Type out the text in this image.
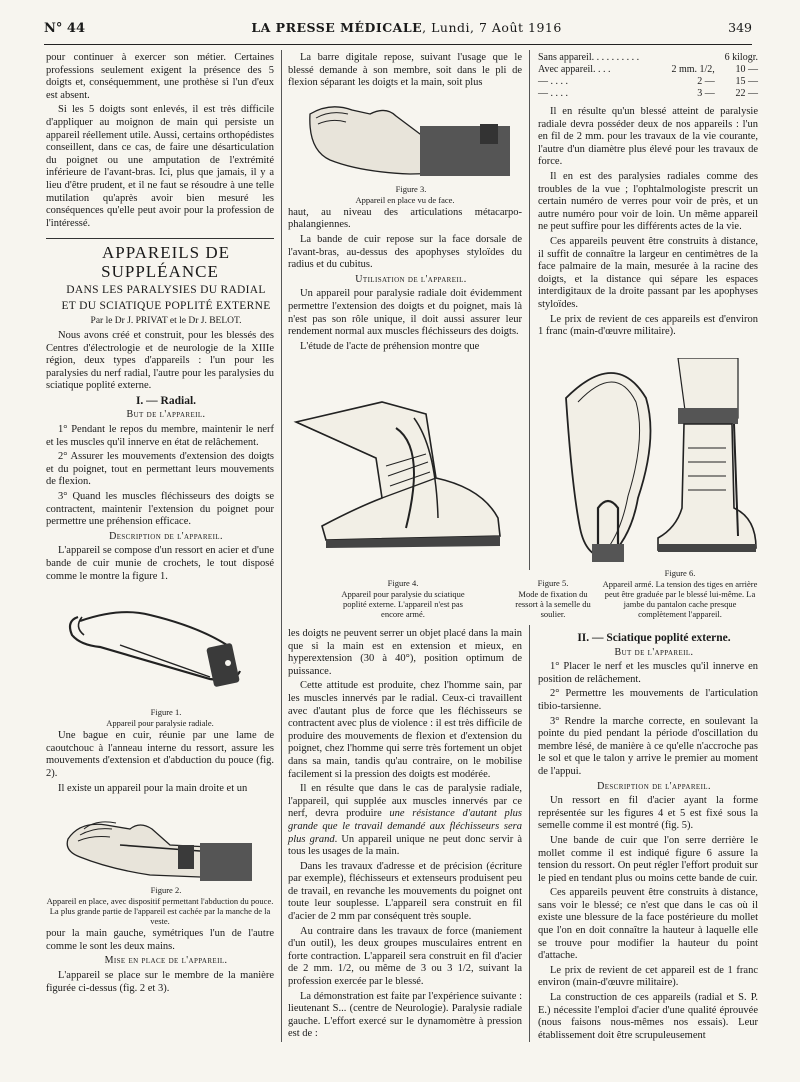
N° 44	LA PRESSE MÉDICALE, Lundi, 7 Août 1916	349

pour continuer à exercer son métier. Certaines professions seulement exigent la présence des 5 doigts et, conséquemment, une prothèse si l'un d'eux est absent.

Si les 5 doigts sont enlevés, il est très difficile d'appliquer au moignon de main qui persiste un appareil réellement utile. Aussi, certains orthopédistes conseillent, dans ce cas, de faire une désarticulation du poignet ou une amputation de l'extrémité inférieure de l'avant-bras. Ici, plus que jamais, il y a lieu d'être prudent, et il ne faut se résoudre à une telle mutilation qu'après avoir bien mesuré les conséquences qu'elle peut avoir pour la profession de l'intéressé.

APPAREILS DE SUPPLÉANCE

DANS LES PARALYSIES DU RADIAL

ET DU SCIATIQUE POPLITÉ EXTERNE

Par le Dr J. PRIVAT et le Dr J. BELOT.

Nous avons créé et construit, pour les blessés des Centres d'électrologie et de neurologie de la XIIIe région, deux types d'appareils : l'un pour les paralysies du nerf radial, l'autre pour les paralysies du sciatique poplité externe.

I. — Radial.

But de l'appareil.

1° Pendant le repos du membre, maintenir le nerf et les muscles qu'il innerve en état de relâchement.

2° Assurer les mouvements d'extension des doigts et du poignet, tout en permettant leurs mouvements de flexion.

3° Quand les muscles fléchisseurs des doigts se contractent, maintenir l'extension du poignet pour permettre une préhension efficace.

Description de l'appareil.

L'appareil se compose d'un ressort en acier et d'une bande de cuir munie de crochets, le tout disposé comme le montre la figure 1.

Figure 1.
Appareil pour paralysie radiale.

Une bague en cuir, réunie par une lame de caoutchouc à l'anneau interne du ressort, assure les mouvements d'extension et d'abduction du pouce (fig. 2).

Il existe un appareil pour la main droite et un

Figure 2.
Appareil en place, avec dispositif permettant l'abduction du pouce. La plus grande partie de l'appareil est cachée par la manche de la veste.

pour la main gauche, symétriques l'un de l'autre comme le sont les deux mains.

Mise en place de l'appareil.

L'appareil se place sur le membre de la manière figurée ci-dessus (fig. 2 et 3).

La barre digitale repose, suivant l'usage que le blessé demande à son membre, soit dans le pli de flexion séparant les doigts et la main, soit plus

Figure 3.
Appareil en place vu de face.

haut, au niveau des articulations métacarpo-phalangiennes.

La bande de cuir repose sur la face dorsale de l'avant-bras, au-dessus des apophyses styloïdes du radius et du cubitus.

Utilisation de l'appareil.

Un appareil pour paralysie radiale doit évidemment permettre l'extension des doigts et du poignet, mais là n'est pas son rôle unique, il doit aussi assurer leur rendement normal aux muscles fléchisseurs des doigts.

L'étude de l'acte de préhension montre que

Sans appareil. . . . . . . . . .	6 kilogr.
Avec appareil. . . .	2 mm. 1/2,	10 —
— . . . .	2 —	15 —
— . . . .	3 —	22 —

Il en résulte qu'un blessé atteint de paralysie radiale devra posséder deux de nos appareils : l'un en fil de 2 mm. pour les travaux de la vie courante, l'autre d'un diamètre plus élevé pour les travaux de force.

Il en est des paralysies radiales comme des troubles de la vue ; l'ophtalmologiste prescrit un certain numéro de verres pour voir de près, et un autre numéro pour voir de loin. Un même appareil ne peut suffire pour les différents actes de la vie.

Ces appareils peuvent être construits à distance, il suffit de connaître la largeur en centimètres de la face palmaire de la main, mesurée à la racine des doigts, et la distance qui sépare les espaces interdigitaux de la droite passant par les apophyses styloïdes.

Le prix de revient de ces appareils est d'environ 1 franc (main-d'œuvre militaire).

Figure 4.
Appareil pour paralysie du sciatique poplité externe. L'appareil n'est pas encore armé.

Figure 5.
Mode de fixation du ressort à la semelle du soulier.

Figure 6.
Appareil armé. La tension des tiges en arrière peut être graduée par le blessé lui-même. La jambe du pantalon cache presque complètement l'appareil.

les doigts ne peuvent serrer un objet placé dans la main que si la main est en extension et mieux, en hyperextension (30 à 40°), position optimum de puissance.

Cette attitude est produite, chez l'homme sain, par les muscles innervés par le radial. Ceux-ci travaillent avec d'autant plus de force que les fléchisseurs se contractent avec plus de violence : il est très difficile de produire des mouvements de flexion et d'extension du poignet, chez l'homme qui serre très fortement un objet dans sa main, tandis qu'au contraire, on le mobilise facilement si la pression des doigts est modérée.

Il en résulte que dans le cas de paralysie radiale, l'appareil, qui supplée aux muscles innervés par ce nerf, devra produire une résistance d'autant plus grande que le travail demandé aux fléchisseurs sera plus grand. Un appareil unique ne peut donc servir à tous les usages de la main.

Dans les travaux d'adresse et de précision (écriture par exemple), fléchisseurs et extenseurs produisent peu de travail, en revanche les mouvements du poignet ont toute leur souplesse. L'appareil sera construit en fil d'acier de 2 mm par conséquent très souple.

Au contraire dans les travaux de force (maniement d'un outil), les deux groupes musculaires entrent en forte contraction. L'appareil sera construit en fil d'acier de 2 mm. 1/2, ou même de 3 ou 3 1/2, suivant la profession exercée par le blessé.

La démonstration est faite par l'expérience suivante : lieutenant S... (centre de Neurologie). Paralysie radiale gauche. L'effort exercé sur le dynamomètre à pression est de :

II. — Sciatique poplité externe.

But de l'appareil.

1° Placer le nerf et les muscles qu'il innerve en position de relâchement.

2° Permettre les mouvements de l'articulation tibio-tarsienne.

3° Rendre la marche correcte, en soulevant la pointe du pied pendant la période d'oscillation du membre lésé, de manière à ce qu'elle n'accroche pas le sol et que le talon y arrive le premier au moment de l'appui.

Description de l'appareil.

Un ressort en fil d'acier ayant la forme représentée sur les figures 4 et 5 est fixé sous la semelle comme il est montré (fig. 5).

Une bande de cuir que l'on serre derrière le mollet comme il est indiqué figure 6 assure la tension du ressort. On peut régler l'effort produit sur le pied en tendant plus ou moins cette bande de cuir.

Ces appareils peuvent être construits à distance, sans voir le blessé; ce n'est que dans le cas où il existe une blessure de la face postérieure du mollet que l'on en doit connaître la hauteur à laquelle elle se trouve pour modifier la hauteur du point d'attache.

Le prix de revient de cet appareil est de 1 franc environ (main-d'œuvre militaire).

La construction de ces appareils (radial et S. P. E.) nécessite l'emploi d'acier d'une qualité éprouvée (nous faisons nous-mêmes nos essais). Leur établissement doit être scrupuleusement
